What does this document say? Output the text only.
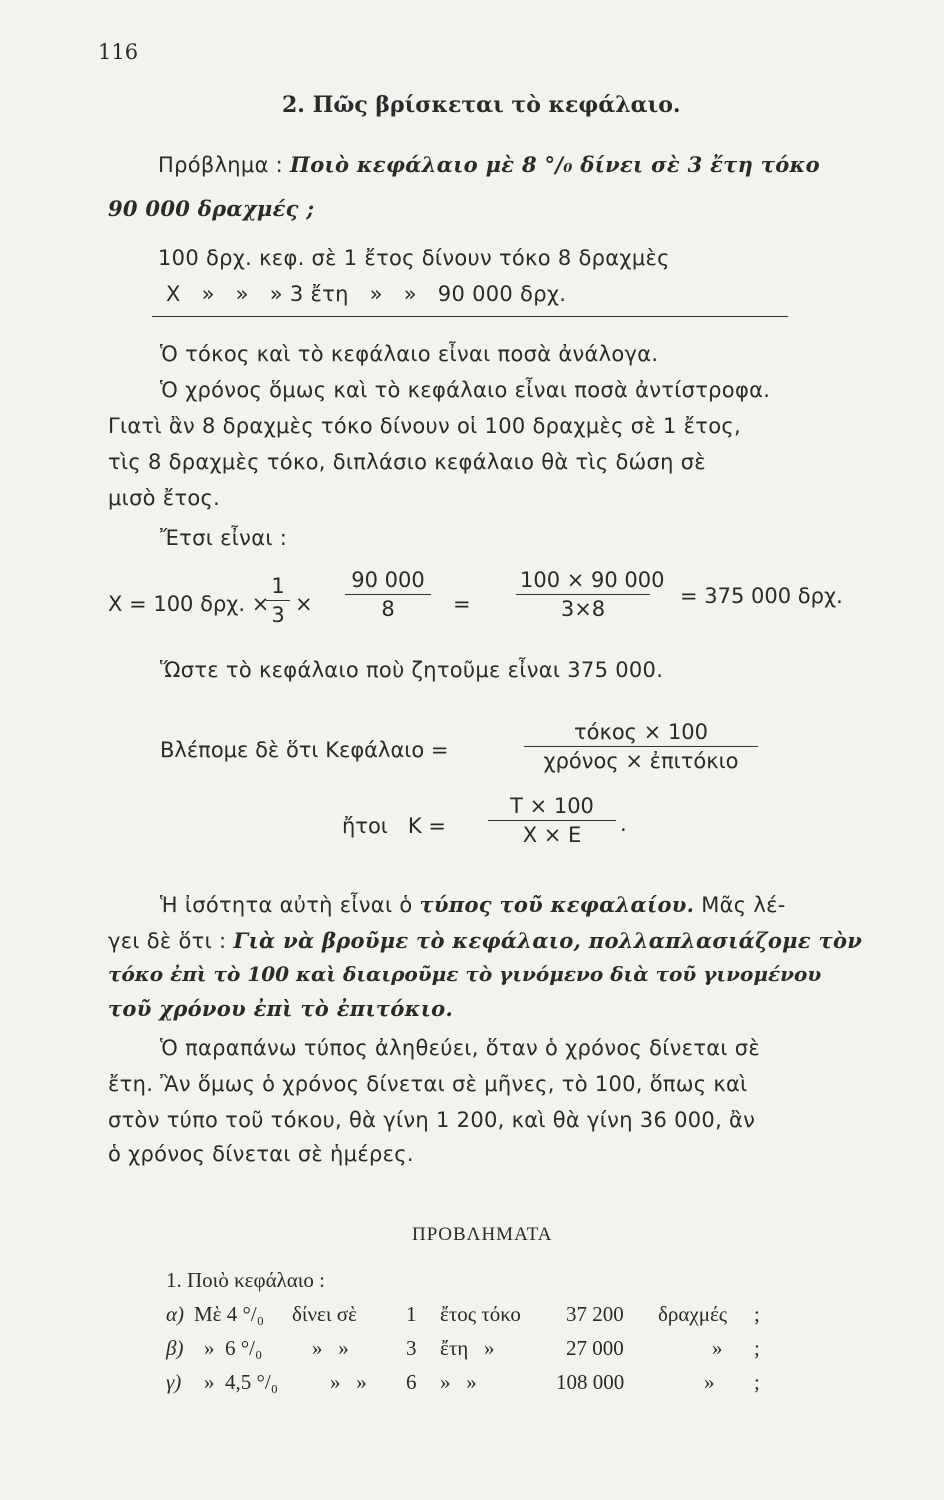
116
2. Πῶς βρίσκεται τὸ κεφάλαιο.
Πρόβλημα : Ποιὸ κεφάλαιο μὲ 8 °/₀ δίνει σὲ 3 ἔτη τόκο
90 000 δραχμές ;
100 δρχ. κεφ. σὲ 1 ἔτος δίνουν τόκο 8 δραχμὲς
X   »   »   » 3 ἔτη   »   »   90 000 δρχ.
Ὁ τόκος καὶ τὸ κεφάλαιο εἶναι ποσὰ ἀνάλογα.
Ὁ χρόνος ὅμως καὶ τὸ κεφάλαιο εἶναι ποσὰ ἀντίστροφα.
Γιατὶ ἂν 8 δραχμὲς τόκο δίνουν οἱ 100 δραχμὲς σὲ 1 ἔτος,
τὶς 8 δραχμὲς τόκο, διπλάσιο κεφάλαιο θὰ τὶς δώση σὲ
μισὸ ἔτος.
Ἔτσι εἶναι :
X = 100 δρχ. ×
1
3 ×
90 000
8	=
100 × 90 000
3×8
= 375 000 δρχ.
Ὥστε τὸ κεφάλαιο ποὺ ζητοῦμε εἶναι 375 000.
Βλέπομε δὲ ὅτι Κεφάλαιο =
τόκος × 100
χρόνος × ἐπιτόκιο
ἤτοι   K =
T × 100
X × E	.
Ἡ ἰσότητα αὐτὴ εἶναι ὁ τύπος τοῦ κεφαλαίου. Μᾶς λέ-
γει δὲ ὅτι : Γιὰ νὰ βροῦμε τὸ κεφάλαιο, πολλαπλασιάζομε τὸν
τόκο ἐπὶ τὸ 100 καὶ διαιροῦμε τὸ γινόμενο διὰ τοῦ γινομένου
τοῦ χρόνου ἐπὶ τὸ ἐπιτόκιο.
Ὁ παραπάνω τύπος ἀληθεύει, ὅταν ὁ χρόνος δίνεται σὲ
ἔτη. Ἂν ὅμως ὁ χρόνος δίνεται σὲ μῆνες, τὸ 100, ὅπως καὶ
στὸν τύπο τοῦ τόκου, θὰ γίνη 1 200, καὶ θὰ γίνη 36 000, ἂν
ὁ χρόνος δίνεται σὲ ἡμέρες.
ΠΡΟΒΛΗΜΑΤΑ
1. Ποιὸ κεφάλαιο :
α) Μὲ 4 °/₀ δίνει σὲ 1 ἔτος τόκο 37 200 δραχμές ;
β) »  6 °/₀ »   »	3 ἔτη   »	27 000	» ;
γ) »  4,5 °/₀ »   » 6 »   »	108 000	» ;
